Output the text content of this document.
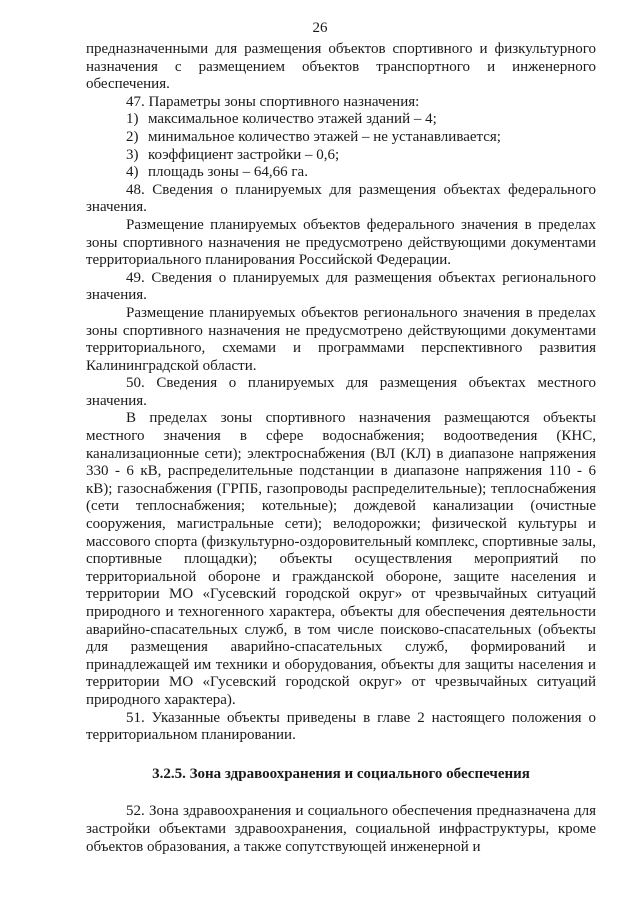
26

предназначенными для размещения объектов спортивного и физкультурного назначения с размещением объектов транспортного и инженерного обеспечения.

47. Параметры зоны спортивного назначения:

1) максимальное количество этажей зданий – 4;

2) минимальное количество этажей – не устанавливается;

3) коэффициент застройки – 0,6;

4) площадь зоны – 64,66 га.

48. Сведения о планируемых для размещения объектах федерального значения.

Размещение планируемых объектов федерального значения в пределах зоны спортивного назначения не предусмотрено действующими документами территориального планирования Российской Федерации.

49. Сведения о планируемых для размещения объектах регионального значения.

Размещение планируемых объектов регионального значения в пределах зоны спортивного назначения не предусмотрено действующими документами территориального, схемами и программами перспективного развития Калининградской области.

50. Сведения о планируемых для размещения объектах местного значения.

В пределах зоны спортивного назначения размещаются объекты местного значения в сфере водоснабжения; водоотведения (КНС, канализационные сети); электроснабжения (ВЛ (КЛ) в диапазоне напряжения 330 - 6 кВ, распределительные подстанции в диапазоне напряжения 110 - 6 кВ); газоснабжения (ГРПБ, газопроводы распределительные); теплоснабжения (сети теплоснабжения; котельные); дождевой канализации (очистные сооружения, магистральные сети); велодорожки; физической культуры и массового спорта (физкультурно-оздоровительный комплекс, спортивные залы, спортивные площадки); объекты осуществления мероприятий по территориальной обороне и гражданской обороне, защите населения и территории МО «Гусевский городской округ» от чрезвычайных ситуаций природного и техногенного характера, объекты для обеспечения деятельности аварийно-спасательных служб, в том числе поисково-спасательных (объекты для размещения аварийно-спасательных служб, формирований и принадлежащей им техники и оборудования, объекты для защиты населения и территории МО «Гусевский городской округ» от чрезвычайных ситуаций природного характера).

51. Указанные объекты приведены в главе 2 настоящего положения о территориальном планировании.

3.2.5. Зона здравоохранения и социального обеспечения

52. Зона здравоохранения и социального обеспечения предназначена для застройки объектами здравоохранения, социальной инфраструктуры, кроме объектов образования, а также сопутствующей инженерной и
